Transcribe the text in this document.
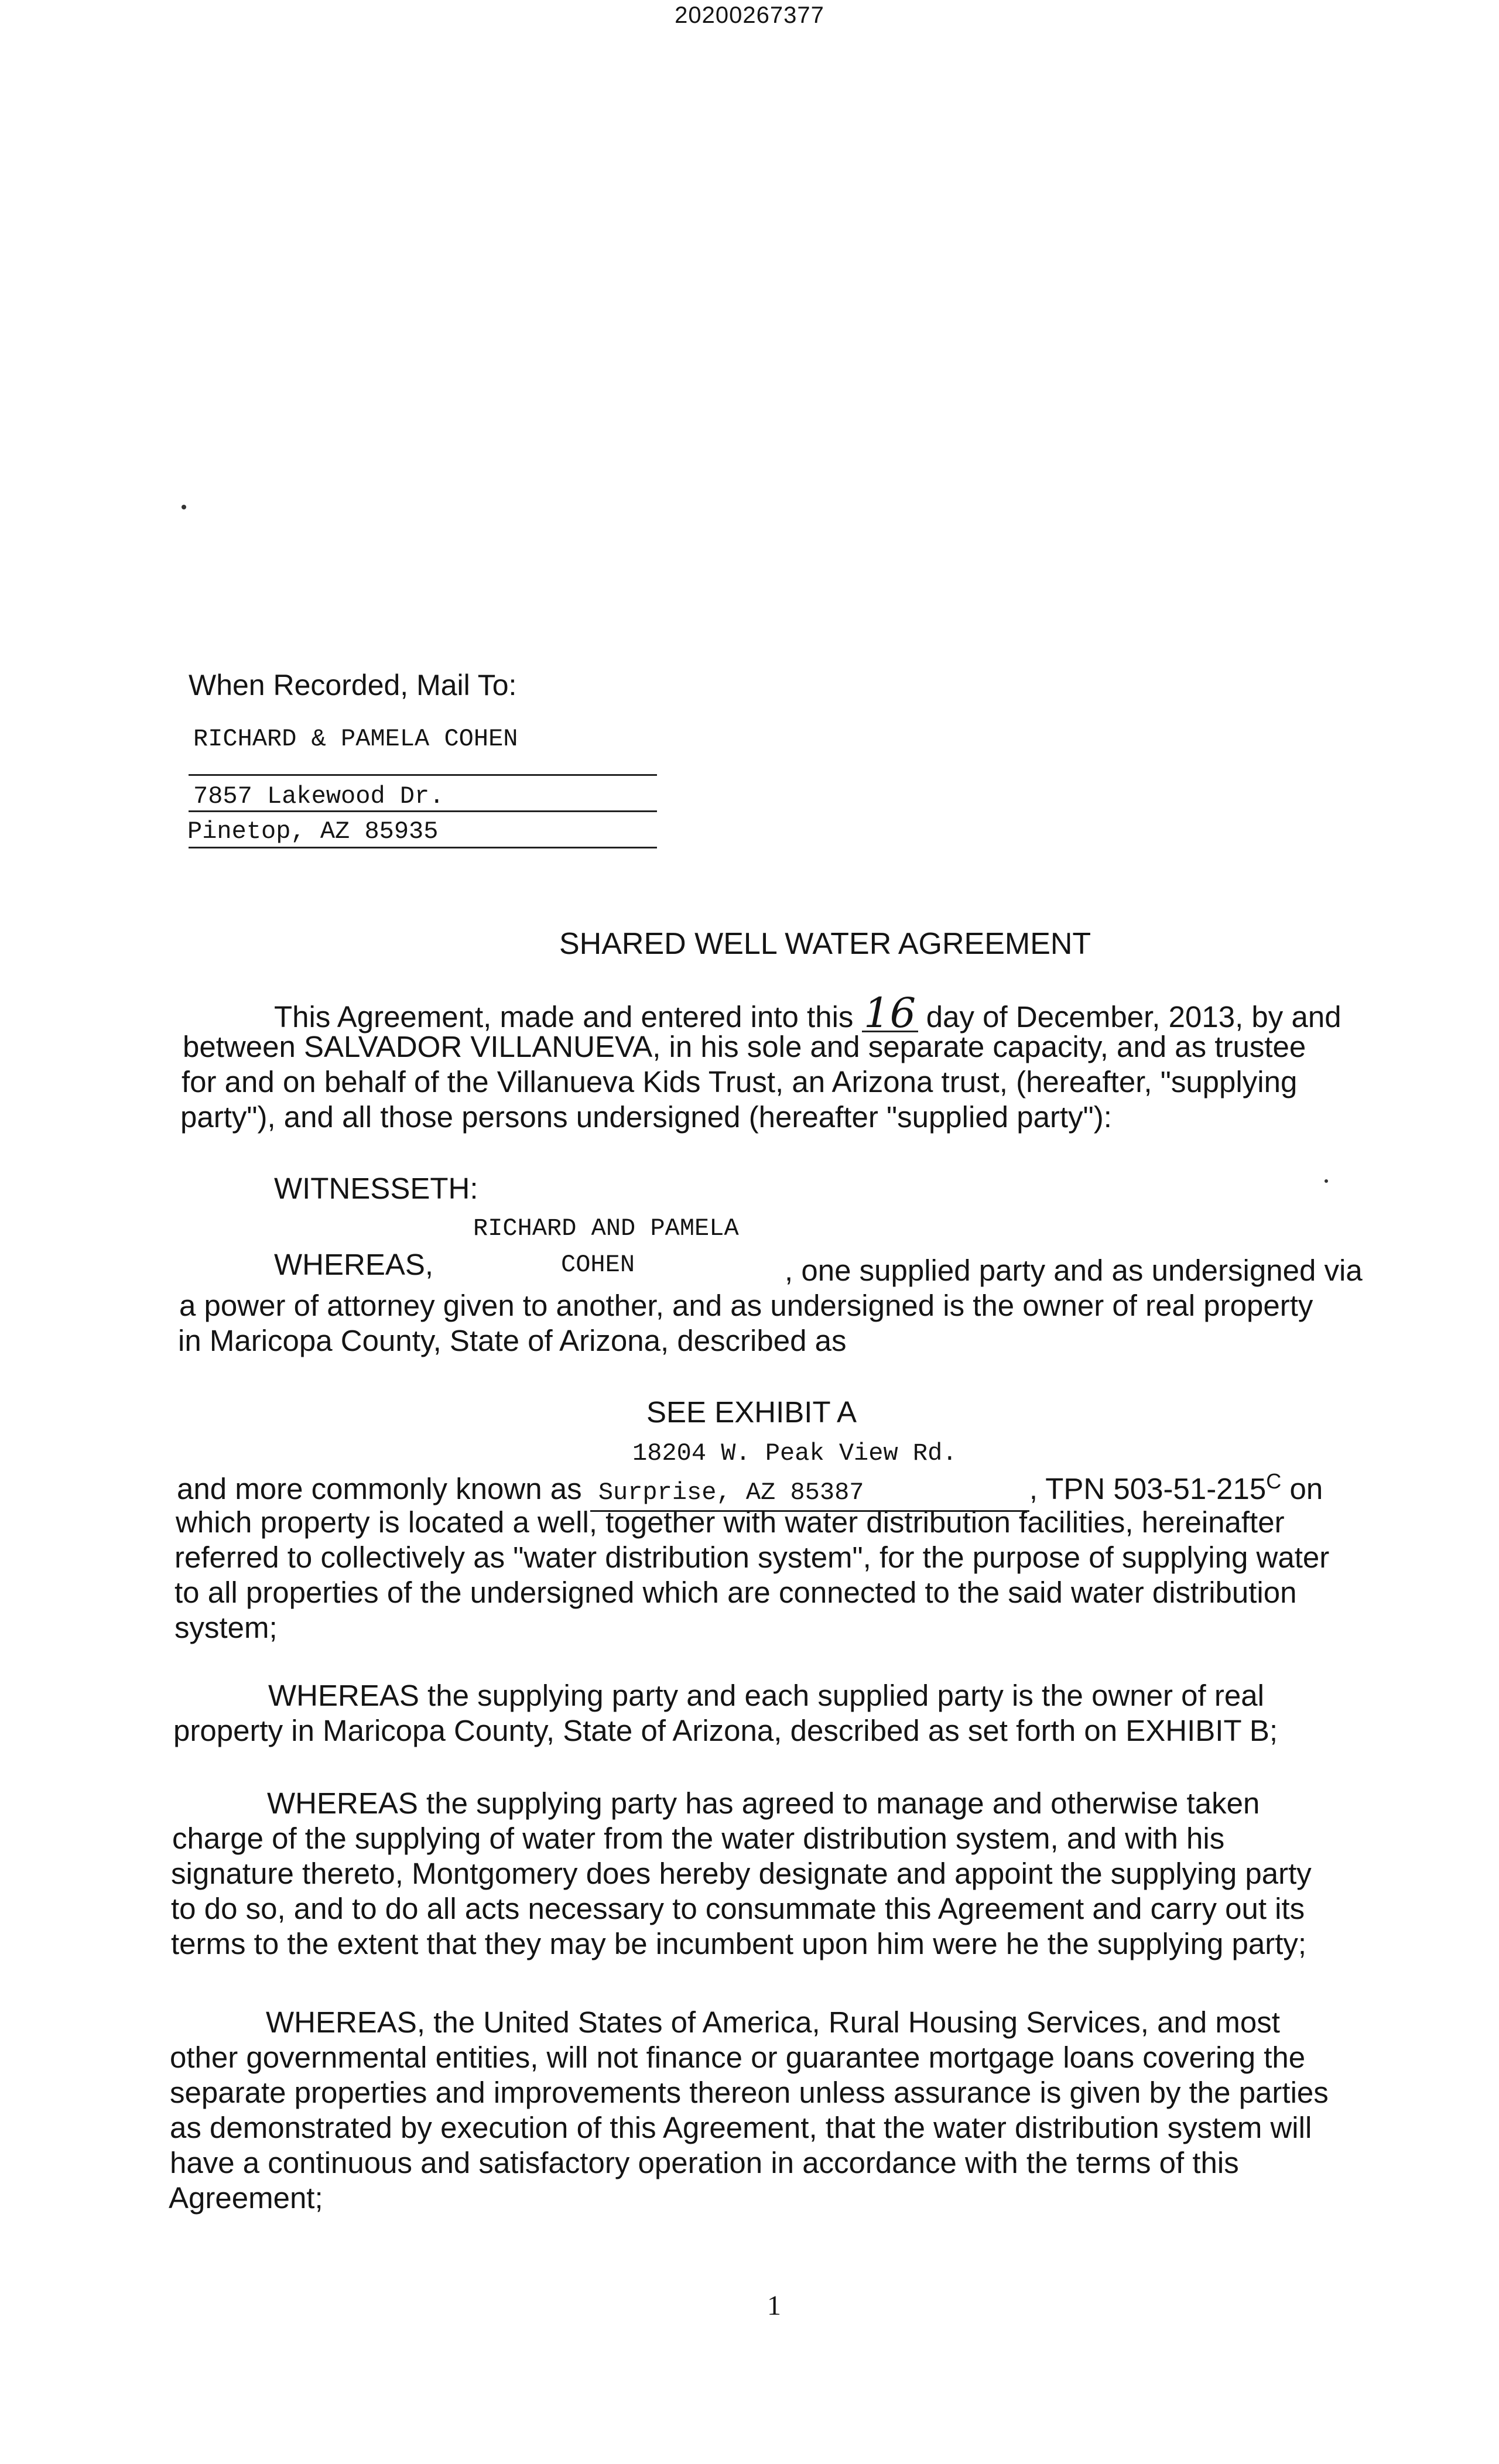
20200267377
When Recorded, Mail To:
RICHARD & PAMELA COHEN
7857 Lakewood Dr.
Pinetop, AZ 85935
SHARED WELL WATER AGREEMENT
This Agreement, made and entered into this 16 day of December, 2013, by and
between SALVADOR VILLANUEVA, in his sole and separate capacity, and as trustee
for and on behalf of the Villanueva Kids Trust, an Arizona trust, (hereafter, "supplying
party"), and all those persons undersigned (hereafter "supplied party"):
WITNESSETH:
RICHARD AND PAMELA
WHEREAS,	COHEN	, one supplied party and as undersigned via
a power of attorney given to another, and as undersigned is the owner of real property
in Maricopa County, State of Arizona, described as
SEE EXHIBIT A
18204 W. Peak View Rd.
and more commonly known as Surprise, AZ 85387	, TPN $503-51-215^C$ on
which property is located a well, together with water distribution facilities, hereinafter
referred to collectively as "water distribution system", for the purpose of supplying water
to all properties of the undersigned which are connected to the said water distribution
system;
WHEREAS the supplying party and each supplied party is the owner of real
property in Maricopa County, State of Arizona, described as set forth on EXHIBIT B;
WHEREAS the supplying party has agreed to manage and otherwise taken
charge of the supplying of water from the water distribution system, and with his
signature thereto, Montgomery does hereby designate and appoint the supplying party
to do so, and to do all acts necessary to consummate this Agreement and carry out its
terms to the extent that they may be incumbent upon him were he the supplying party;
WHEREAS, the United States of America, Rural Housing Services, and most
other governmental entities, will not finance or guarantee mortgage loans covering the
separate properties and improvements thereon unless assurance is given by the parties
as demonstrated by execution of this Agreement, that the water distribution system will
have a continuous and satisfactory operation in accordance with the terms of this
Agreement;
1
